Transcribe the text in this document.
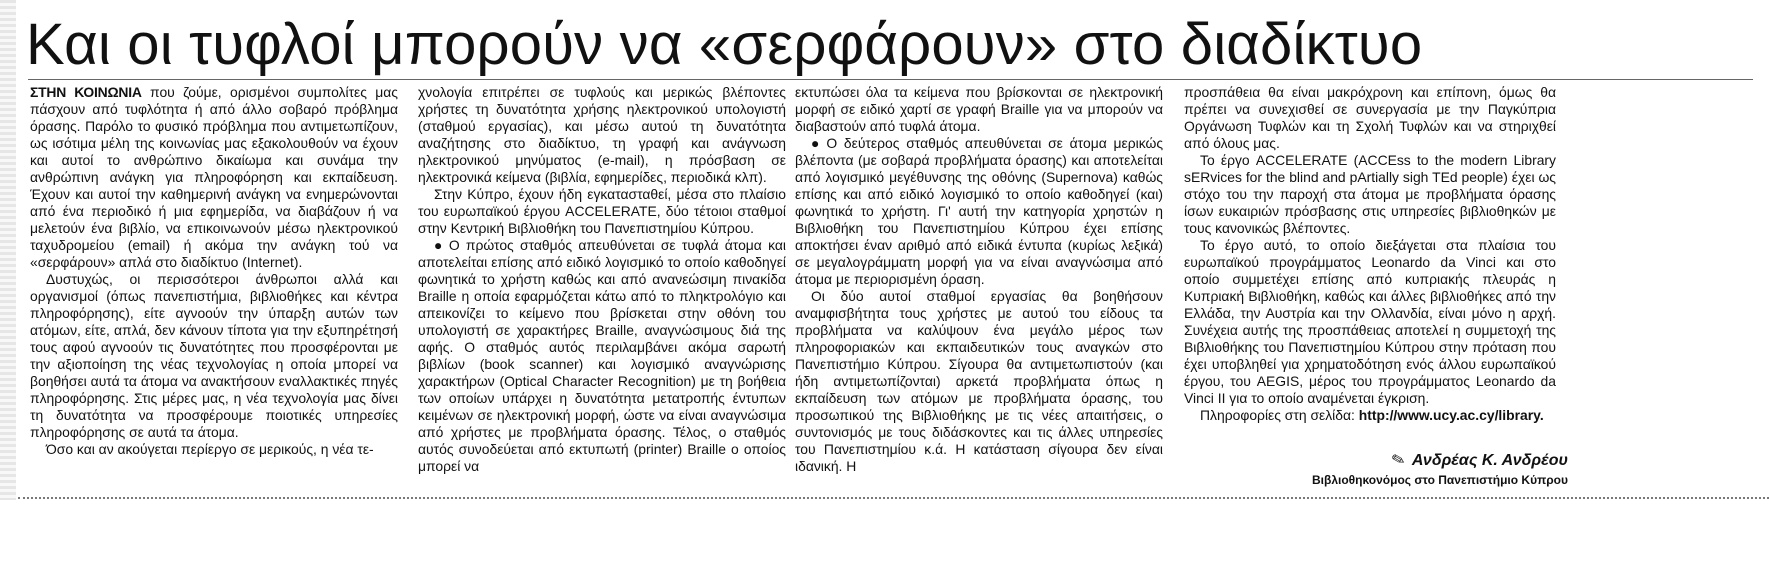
Και οι τυφλοί μπορούν να «σερφάρουν» στο διαδίκτυο

ΣΤΗΝ ΚΟΙΝΩΝΙΑ που ζούμε, ορισμένοι συμπολίτες μας πάσχουν από τυφλότητα ή από άλλο σοβαρό πρόβλημα όρασης. Παρόλο το φυσικό πρόβλημα που αντιμετωπίζουν, ως ισότιμα μέλη της κοινωνίας μας εξακολουθούν να έχουν και αυτοί το ανθρώπινο δικαίωμα και συνάμα την ανθρώπινη ανάγκη για πληροφόρηση και εκπαίδευση. Έχουν και αυτοί την καθημερινή ανάγκη να ενημερώνονται από ένα περιοδικό ή μια εφημερίδα, να διαβάζουν ή να μελετούν ένα βιβλίο, να επικοινωνούν μέσω ηλεκτρονικού ταχυδρομείου (email) ή ακόμα την ανάγκη τού να «σερφάρουν» απλά στο διαδίκτυο (Internet).

Δυστυχώς, οι περισσότεροι άνθρωποι αλλά και οργανισμοί (όπως πανεπιστήμια, βιβλιοθήκες και κέντρα πληροφόρησης), είτε αγνοούν την ύπαρξη αυτών των ατόμων, είτε, απλά, δεν κάνουν τίποτα για την εξυπηρέτησή τους αφού αγνοούν τις δυνατότητες που προσφέρονται με την αξιοποίηση της νέας τεχνολογίας η οποία μπορεί να βοηθήσει αυτά τα άτομα να ανακτήσουν εναλλακτικές πηγές πληροφόρησης. Στις μέρες μας, η νέα τεχνολογία μας δίνει τη δυνατότητα να προσφέρουμε ποιοτικές υπηρεσίες πληροφόρησης σε αυτά τα άτομα.

Όσο και αν ακούγεται περίεργο σε μερικούς, η νέα τε-

χνολογία επιτρέπει σε τυφλούς και μερικώς βλέποντες χρήστες τη δυνατότητα χρήσης ηλεκτρονικού υπολογιστή (σταθμού εργασίας), και μέσω αυτού τη δυνατότητα αναζήτησης στο διαδίκτυο, τη γραφή και ανάγνωση ηλεκτρονικού μηνύματος (e-mail), η πρόσβαση σε ηλεκτρονικά κείμενα (βιβλία, εφημερίδες, περιοδικά κλπ).

Στην Κύπρο, έχουν ήδη εγκατασταθεί, μέσα στο πλαίσιο του ευρωπαϊκού έργου ACCELERATE, δύο τέτοιοι σταθμοί στην Κεντρική Βιβλιοθήκη του Πανεπιστημίου Κύπρου.

● Ο πρώτος σταθμός απευθύνεται σε τυφλά άτομα και αποτελείται επίσης από ειδικό λογισμικό το οποίο καθοδηγεί φωνητικά το χρήστη καθώς και από ανανεώσιμη πινακίδα Braille η οποία εφαρμόζεται κάτω από το πληκτρολόγιο και απεικονίζει το κείμενο που βρίσκεται στην οθόνη του υπολογιστή σε χαρακτήρες Braille, αναγνώσιμους διά της αφής. Ο σταθμός αυτός περιλαμβάνει ακόμα σαρωτή βιβλίων (book scanner) και λογισμικό αναγνώρισης χαρακτήρων (Optical Character Recognition) με τη βοήθεια των οποίων υπάρχει η δυνατότητα μετατροπής έντυπων κειμένων σε ηλεκτρονική μορφή, ώστε να είναι αναγνώσιμα από χρήστες με προβλήματα όρασης. Τέλος, ο σταθμός αυτός συνοδεύεται από εκτυπωτή (printer) Braille ο οποίος μπορεί να

εκτυπώσει όλα τα κείμενα που βρίσκονται σε ηλεκτρονική μορφή σε ειδικό χαρτί σε γραφή Braille για να μπορούν να διαβαστούν από τυφλά άτομα.

● Ο δεύτερος σταθμός απευθύνεται σε άτομα μερικώς βλέποντα (με σοβαρά προβλήματα όρασης) και αποτελείται από λογισμικό μεγέθυνσης της οθόνης (Supernova) καθώς επίσης και από ειδικό λογισμικό το οποίο καθοδηγεί (και) φωνητικά το χρήστη. Γι' αυτή την κατηγορία χρηστών η Βιβλιοθήκη του Πανεπιστημίου Κύπρου έχει επίσης αποκτήσει έναν αριθμό από ειδικά έντυπα (κυρίως λεξικά) σε μεγαλογράμματη μορφή για να είναι αναγνώσιμα από άτομα με περιορισμένη όραση.

Οι δύο αυτοί σταθμοί εργασίας θα βοηθήσουν αναμφισβήτητα τους χρήστες με αυτού του είδους τα προβλήματα να καλύψουν ένα μεγάλο μέρος των πληροφοριακών και εκπαιδευτικών τους αναγκών στο Πανεπιστήμιο Κύπρου. Σίγουρα θα αντιμετωπιστούν (και ήδη αντιμετωπίζονται) αρκετά προβλήματα όπως η εκπαίδευση των ατόμων με προβλήματα όρασης, του προσωπικού της Βιβλιοθήκης με τις νέες απαιτήσεις, ο συντονισμός με τους διδάσκοντες και τις άλλες υπηρεσίες του Πανεπιστημίου κ.ά. Η κατάσταση σίγουρα δεν είναι ιδανική. Η

προσπάθεια θα είναι μακρόχρονη και επίπονη, όμως θα πρέπει να συνεχισθεί σε συνεργασία με την Παγκύπρια Οργάνωση Τυφλών και τη Σχολή Τυφλών και να στηριχθεί από όλους μας.

Το έργο ACCELERATE (ACCEss to the modern Library sERvices for the blind and pArtially sigh TEd people) έχει ως στόχο του την παροχή στα άτομα με προβλήματα όρασης ίσων ευκαιριών πρόσβασης στις υπηρεσίες βιβλιοθηκών με τους κανονικώς βλέποντες.

Το έργο αυτό, το οποίο διεξάγεται στα πλαίσια του ευρωπαϊκού προγράμματος Leonardo da Vinci και στο οποίο συμμετέχει επίσης από κυπριακής πλευράς η Κυπριακή Βιβλιοθήκη, καθώς και άλλες βιβλιοθήκες από την Ελλάδα, την Αυστρία και την Ολλανδία, είναι μόνο η αρχή. Συνέχεια αυτής της προσπάθειας αποτελεί η συμμετοχή της Βιβλιοθήκης του Πανεπιστημίου Κύπρου στην πρόταση που έχει υποβληθεί για χρηματοδότηση ενός άλλου ευρωπαϊκού έργου, του AEGIS, μέρος του προγράμματος Leonardo da Vinci II για το οποίο αναμένεται έγκριση.

Πληροφορίες στη σελίδα: http://www.ucy.ac.cy/library.

✎ Ανδρέας Κ. Ανδρέου
Βιβλιοθηκονόμος στο Πανεπιστήμιο Κύπρου
